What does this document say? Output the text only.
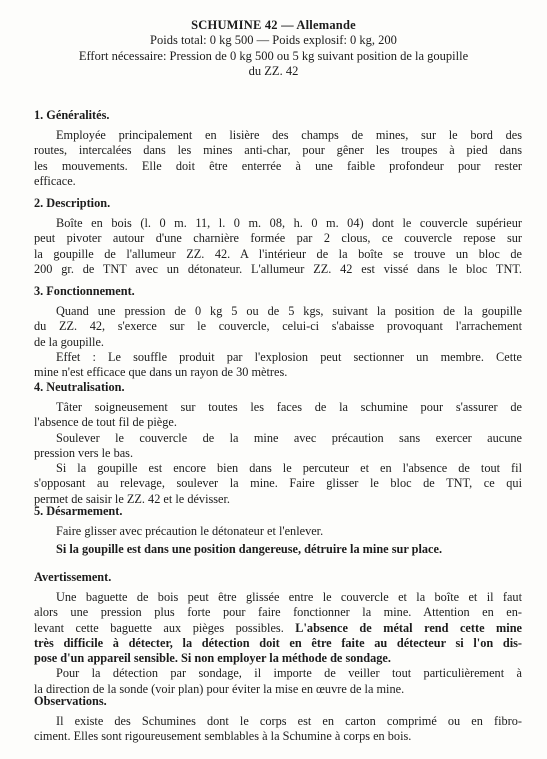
SCHUMINE 42 — Allemande
Poids total: 0 kg 500 — Poids explosif: 0 kg, 200
Effort nécessaire: Pression de 0 kg 500 ou 5 kg suivant position de la goupille
du ZZ. 42
1. Généralités.
Employée principalement en lisière des champs de mines, sur le bord des
routes, intercalées dans les mines anti-char, pour gêner les troupes à pied dans
les mouvements. Elle doit être enterrée à une faible profondeur pour rester
efficace.
2. Description.
Boîte en bois (l. 0 m. 11, l. 0 m. 08, h. 0 m. 04) dont le couvercle supérieur
peut pivoter autour d'une charnière formée par 2 clous, ce couvercle repose sur
la goupille de l'allumeur ZZ. 42. A l'intérieur de la boîte se trouve un bloc de
200 gr. de TNT avec un détonateur. L'allumeur ZZ. 42 est vissé dans le bloc TNT.
3. Fonctionnement.
Quand une pression de 0 kg 5 ou de 5 kgs, suivant la position de la goupille
du ZZ. 42, s'exerce sur le couvercle, celui-ci s'abaisse provoquant l'arrachement
de la goupille.
Effet : Le souffle produit par l'explosion peut sectionner un membre. Cette
mine n'est efficace que dans un rayon de 30 mètres.
4. Neutralisation.
Tâter soigneusement sur toutes les faces de la schumine pour s'assurer de
l'absence de tout fil de piège.
Soulever le couvercle de la mine avec précaution sans exercer aucune
pression vers le bas.
Si la goupille est encore bien dans le percuteur et en l'absence de tout fil
s'opposant au relevage, soulever la mine. Faire glisser le bloc de TNT, ce qui
permet de saisir le ZZ. 42 et le dévisser.
5. Désarmement.
Faire glisser avec précaution le détonateur et l'enlever.
Si la goupille est dans une position dangereuse, détruire la mine sur place.
Avertissement.
Une baguette de bois peut être glissée entre le couvercle et la boîte et il faut
alors une pression plus forte pour faire fonctionner la mine. Attention en en-
levant cette baguette aux pièges possibles. L'absence de métal rend cette mine
très difficile à détecter, la détection doit en être faite au détecteur si l'on dis-
pose d'un appareil sensible. Si non employer la méthode de sondage.
Pour la détection par sondage, il importe de veiller tout particulièrement à
la direction de la sonde (voir plan) pour éviter la mise en œuvre de la mine.
Observations.
Il existe des Schumines dont le corps est en carton comprimé ou en fibro-
ciment. Elles sont rigoureusement semblables à la Schumine à corps en bois.
